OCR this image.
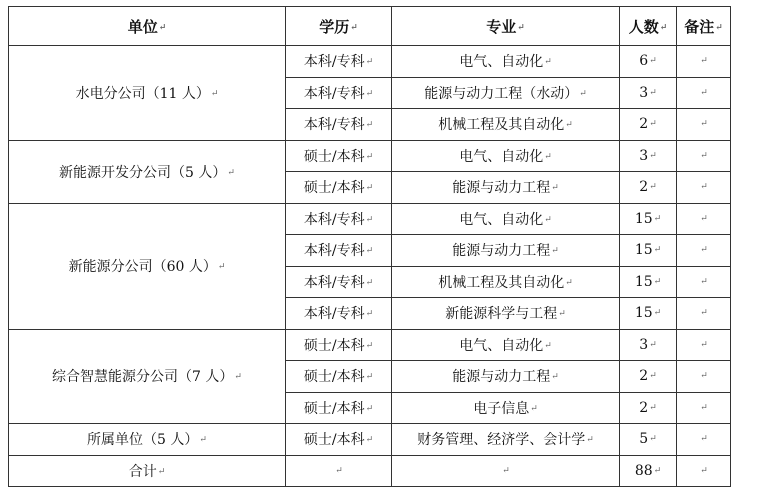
单位↵	学历↵	专业↵	人数↵	备注↵
水电分公司（11 人）↵	本科/专科↵	电气、自动化↵	6↵	↵
	本科/专科↵	能源与动力工程（水动）↵	3↵	↵
	本科/专科↵	机械工程及其自动化↵	2↵	↵
新能源开发分公司（5 人）↵	硕士/本科↵	电气、自动化↵	3↵	↵
	硕士/本科↵	能源与动力工程↵	2↵	↵
新能源分公司（60 人）↵	本科/专科↵	电气、自动化↵	15↵	↵
	本科/专科↵	能源与动力工程↵	15↵	↵
	本科/专科↵	机械工程及其自动化↵	15↵	↵
	本科/专科↵	新能源科学与工程↵	15↵	↵
综合智慧能源分公司（7 人）↵	硕士/本科↵	电气、自动化↵	3↵	↵
	硕士/本科↵	能源与动力工程↵	2↵	↵
	硕士/本科↵	电子信息↵	2↵	↵
所属单位（5 人）↵	硕士/本科↵	财务管理、经济学、会计学↵	5↵	↵
合计↵	↵	↵	88↵	↵
